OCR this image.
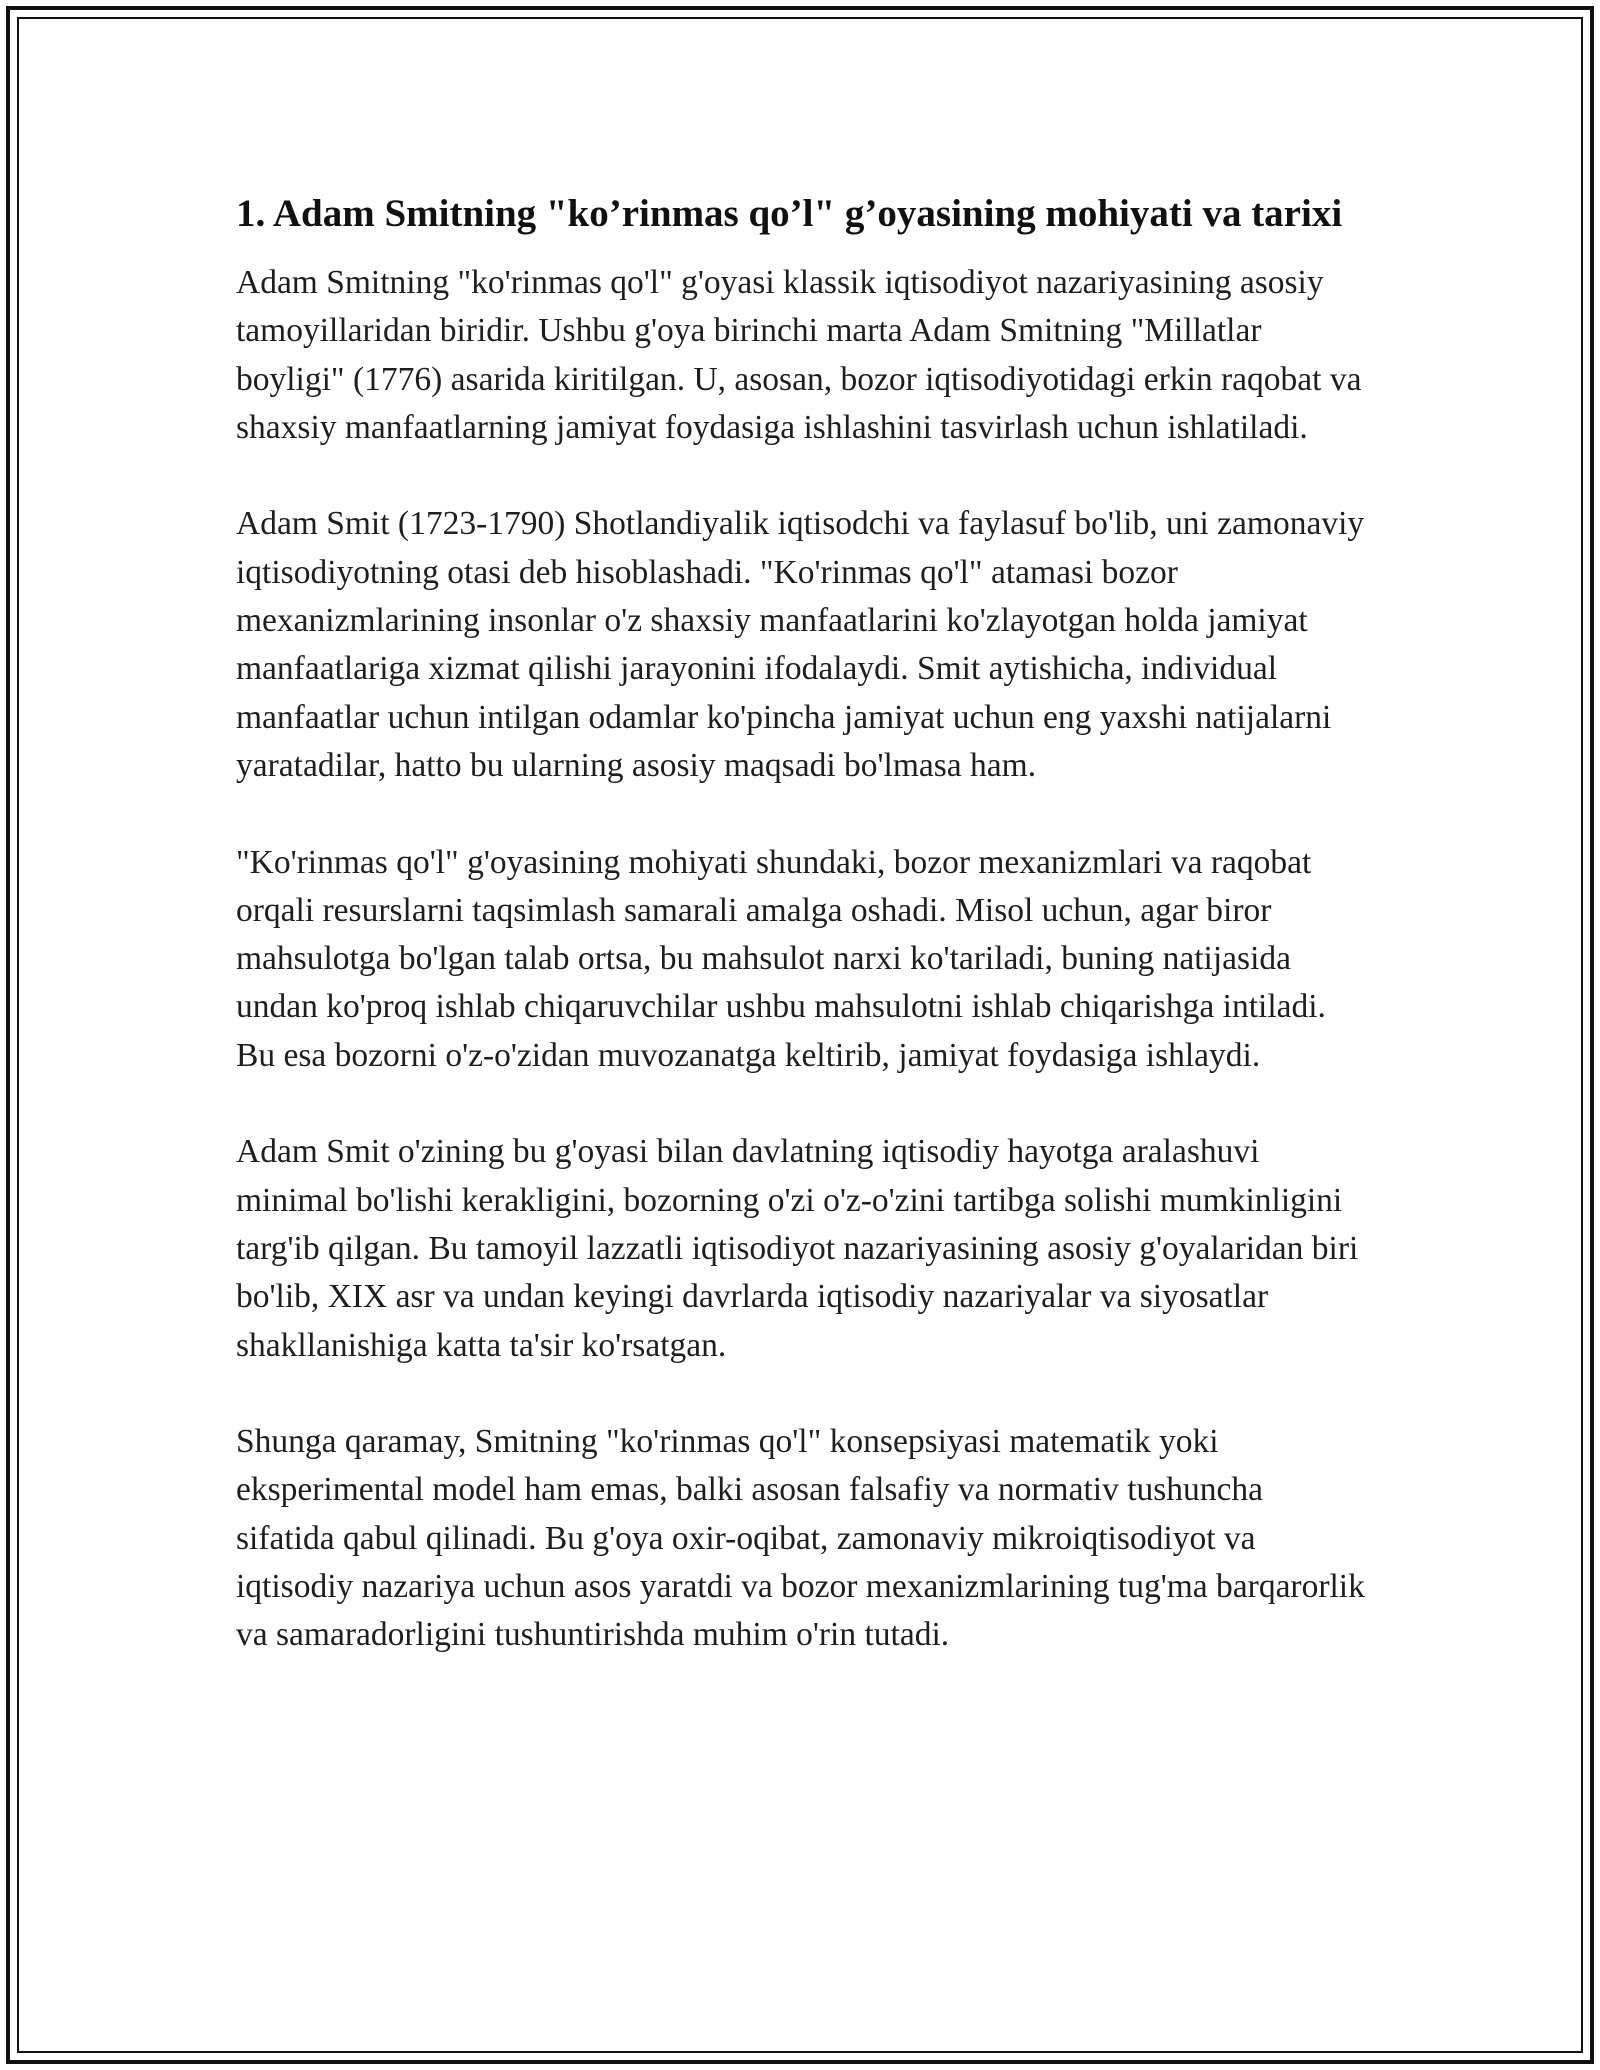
1. Adam Smitning "ko’rinmas qo’l" g’oyasining mohiyati va tarixi

Adam Smitning "ko'rinmas qo'l" g'oyasi klassik iqtisodiyot nazariyasining asosiy tamoyillaridan biridir. Ushbu g'oya birinchi marta Adam Smitning "Millatlar boyligi" (1776) asarida kiritilgan. U, asosan, bozor iqtisodiyotidagi erkin raqobat va shaxsiy manfaatlarning jamiyat foydasiga ishlashini tasvirlash uchun ishlatiladi.

Adam Smit (1723-1790) Shotlandiyalik iqtisodchi va faylasuf bo'lib, uni zamonaviy iqtisodiyotning otasi deb hisoblashadi. "Ko'rinmas qo'l" atamasi bozor mexanizmlarining insonlar o'z shaxsiy manfaatlarini ko'zlayotgan holda jamiyat manfaatlariga xizmat qilishi jarayonini ifodalaydi. Smit aytishicha, individual manfaatlar uchun intilgan odamlar ko'pincha jamiyat uchun eng yaxshi natijalarni yaratadilar, hatto bu ularning asosiy maqsadi bo'lmasa ham.

"Ko'rinmas qo'l" g'oyasining mohiyati shundaki, bozor mexanizmlari va raqobat orqali resurslarni taqsimlash samarali amalga oshadi. Misol uchun, agar biror mahsulotga bo'lgan talab ortsa, bu mahsulot narxi ko'tariladi, buning natijasida undan ko'proq ishlab chiqaruvchilar ushbu mahsulotni ishlab chiqarishga intiladi. Bu esa bozorni o'z-o'zidan muvozanatga keltirib, jamiyat foydasiga ishlaydi.

Adam Smit o'zining bu g'oyasi bilan davlatning iqtisodiy hayotga aralashuvi minimal bo'lishi kerakligini, bozorning o'zi o'z-o'zini tartibga solishi mumkinligini targ'ib qilgan. Bu tamoyil lazzatli iqtisodiyot nazariyasining asosiy g'oyalaridan biri bo'lib, XIX asr va undan keyingi davrlarda iqtisodiy nazariyalar va siyosatlar shakllanishiga katta ta'sir ko'rsatgan.

Shunga qaramay, Smitning "ko'rinmas qo'l" konsepsiyasi matematik yoki eksperimental model ham emas, balki asosan falsafiy va normativ tushuncha sifatida qabul qilinadi. Bu g'oya oxir-oqibat, zamonaviy mikroiqtisodiyot va iqtisodiy nazariya uchun asos yaratdi va bozor mexanizmlarining tug'ma barqarorlik va samaradorligini tushuntirishda muhim o'rin tutadi.
